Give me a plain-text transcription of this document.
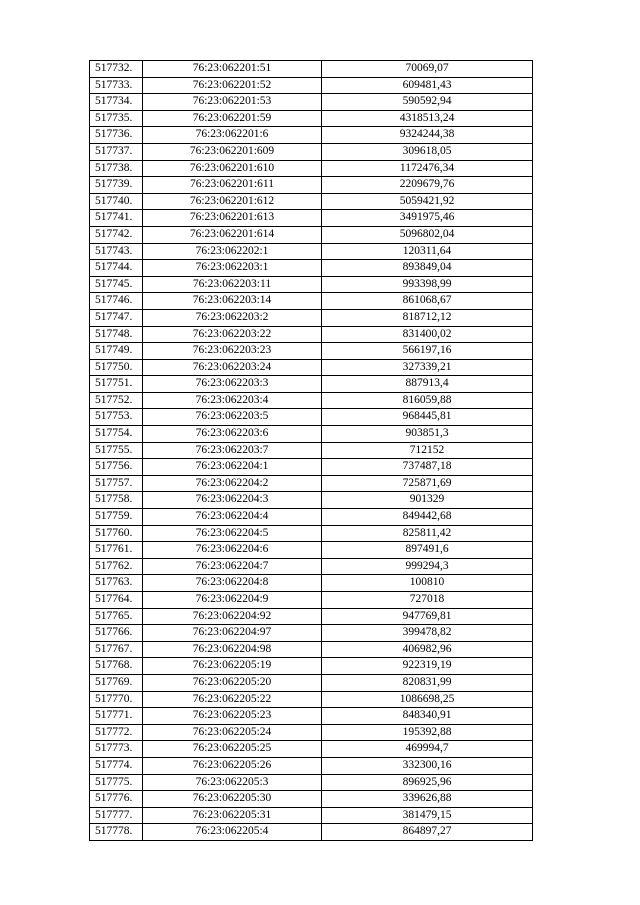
517732.	76:23:062201:51	70069,07
517733.	76:23:062201:52	609481,43
517734.	76:23:062201:53	590592,94
517735.	76:23:062201:59	4318513,24
517736.	76:23:062201:6	9324244,38
517737.	76:23:062201:609	309618,05
517738.	76:23:062201:610	1172476,34
517739.	76:23:062201:611	2209679,76
517740.	76:23:062201:612	5059421,92
517741.	76:23:062201:613	3491975,46
517742.	76:23:062201:614	5096802,04
517743.	76:23:062202:1	120311,64
517744.	76:23:062203:1	893849,04
517745.	76:23:062203:11	993398,99
517746.	76:23:062203:14	861068,67
517747.	76:23:062203:2	818712,12
517748.	76:23:062203:22	831400,02
517749.	76:23:062203:23	566197,16
517750.	76:23:062203:24	327339,21
517751.	76:23:062203:3	887913,4
517752.	76:23:062203:4	816059,88
517753.	76:23:062203:5	968445,81
517754.	76:23:062203:6	903851,3
517755.	76:23:062203:7	712152
517756.	76:23:062204:1	737487,18
517757.	76:23:062204:2	725871,69
517758.	76:23:062204:3	901329
517759.	76:23:062204:4	849442,68
517760.	76:23:062204:5	825811,42
517761.	76:23:062204:6	897491,6
517762.	76:23:062204:7	999294,3
517763.	76:23:062204:8	100810
517764.	76:23:062204:9	727018
517765.	76:23:062204:92	947769,81
517766.	76:23:062204:97	399478,82
517767.	76:23:062204:98	406982,96
517768.	76:23:062205:19	922319,19
517769.	76:23:062205:20	820831,99
517770.	76:23:062205:22	1086698,25
517771.	76:23:062205:23	848340,91
517772.	76:23:062205:24	195392,88
517773.	76:23:062205:25	469994,7
517774.	76:23:062205:26	332300,16
517775.	76:23:062205:3	896925,96
517776.	76:23:062205:30	339626,88
517777.	76:23:062205:31	381479,15
517778.	76:23:062205:4	864897,27
